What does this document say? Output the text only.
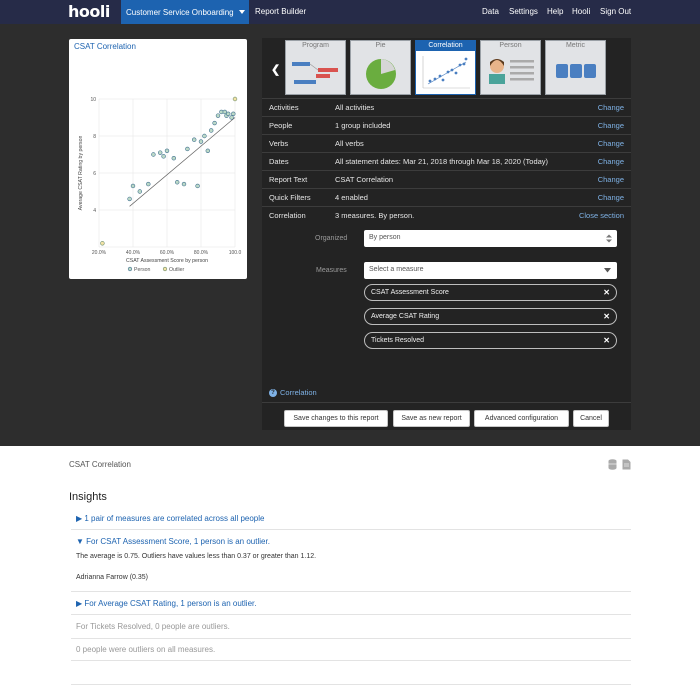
hooli	Customer Service Onboarding	Report Builder	Data Settings Help Hooli Sign Out
CSAT Correlation
20.0%	40.0%	60.0%	80.0%	100.0
10
8
6
4
CSAT Assessment Score by person
Average CSAT Rating by person
Person	Outlier
❮
Program	Pie	Correlation	Person	Metric
Activities	All activities	Change
People	1 group included	Change
Verbs	All verbs	Change
Dates	All statement dates: Mar 21, 2018 through Mar 18, 2020 (Today)	Change
Report Text	CSAT Correlation	Change
Quick Filters	4 enabled	Change
Correlation	3 measures. By person.	Close section
Organized	By person
Measures	Select a measure
CSAT Assessment Score	✕
Average CSAT Rating	✕
Tickets Resolved	✕
? Correlation
Save changes to this report	Save as new report	Advanced configuration	Cancel
CSAT Correlation
Insights
▶ 1 pair of measures are correlated across all people
▼ For CSAT Assessment Score, 1 person is an outlier.
The average is 0.75. Outliers have values less than 0.37 or greater than 1.12.
Adrianna Farrow (0.35)
▶ For Average CSAT Rating, 1 person is an outlier.
For Tickets Resolved, 0 people are outliers.
0 people were outliers on all measures.
